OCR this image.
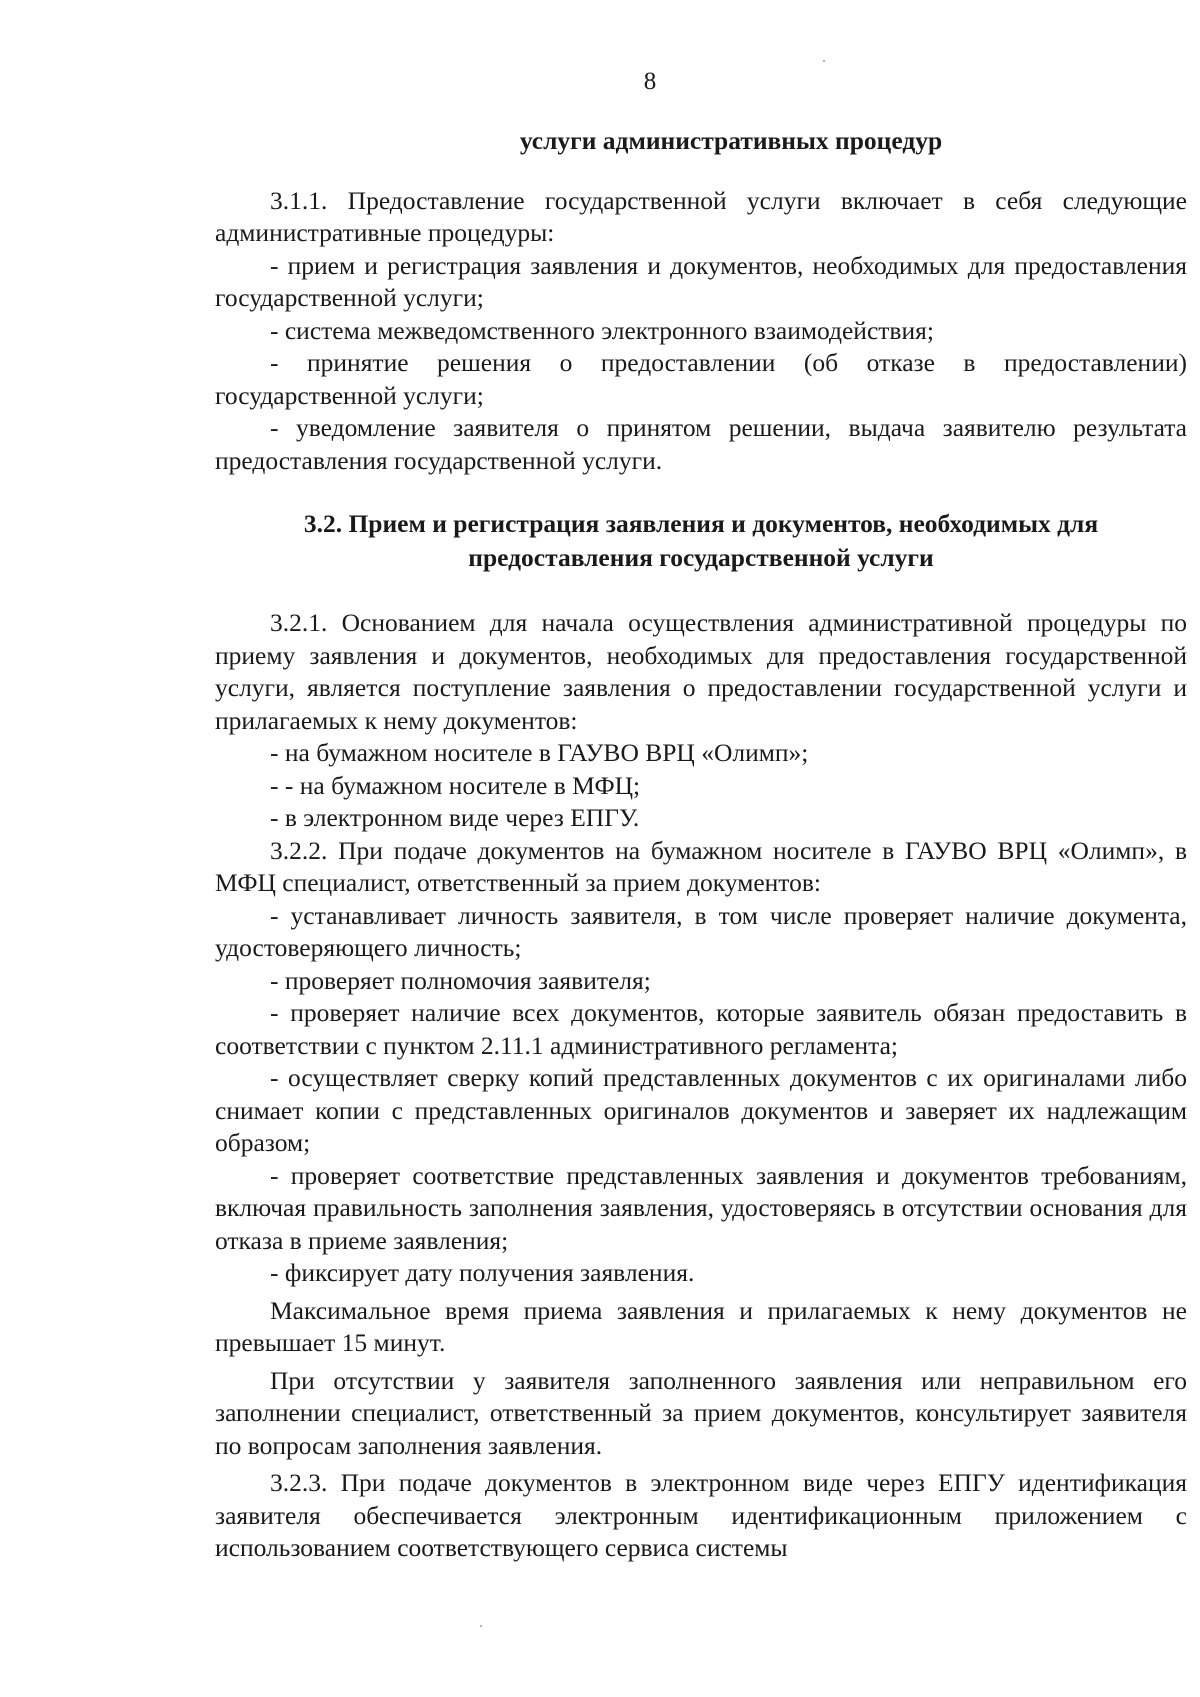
8
услуги административных процедур

3.1.1. Предоставление государственной услуги включает в себя следующие административные процедуры:

- прием и регистрация заявления и документов, необходимых для предоставления государственной услуги;

- система межведомственного электронного взаимодействия;

- принятие решения о предоставлении (об отказе в предоставлении) государственной услуги;

- уведомление заявителя о принятом решении, выдача заявителю результата предоставления государственной услуги.

3.2. Прием и регистрация заявления и документов, необходимых для предоставления государственной услуги

3.2.1. Основанием для начала осуществления административной процедуры по приему заявления и документов, необходимых для предоставления государственной услуги, является поступление заявления о предоставлении государственной услуги и прилагаемых к нему документов:

- на бумажном носителе в ГАУВО ВРЦ «Олимп»;

- - на бумажном носителе в МФЦ;

- в электронном виде через ЕПГУ.

3.2.2. При подаче документов на бумажном носителе в ГАУВО ВРЦ «Олимп», в МФЦ специалист, ответственный за прием документов:

- устанавливает личность заявителя, в том числе проверяет наличие документа, удостоверяющего личность;

- проверяет полномочия заявителя;

- проверяет наличие всех документов, которые заявитель обязан предоставить в соответствии с пунктом 2.11.1 административного регламента;

- осуществляет сверку копий представленных документов с их оригиналами либо снимает копии с представленных оригиналов документов и заверяет их надлежащим образом;

- проверяет соответствие представленных заявления и документов требованиям, включая правильность заполнения заявления, удостоверяясь в отсутствии основания для отказа в приеме заявления;

- фиксирует дату получения заявления.

Максимальное время приема заявления и прилагаемых к нему документов не превышает 15 минут.

При отсутствии у заявителя заполненного заявления или неправильном его заполнении специалист, ответственный за прием документов, консультирует заявителя по вопросам заполнения заявления.

3.2.3. При подаче документов в электронном виде через ЕПГУ идентификация заявителя обеспечивается электронным идентификационным приложением с использованием соответствующего сервиса системы
